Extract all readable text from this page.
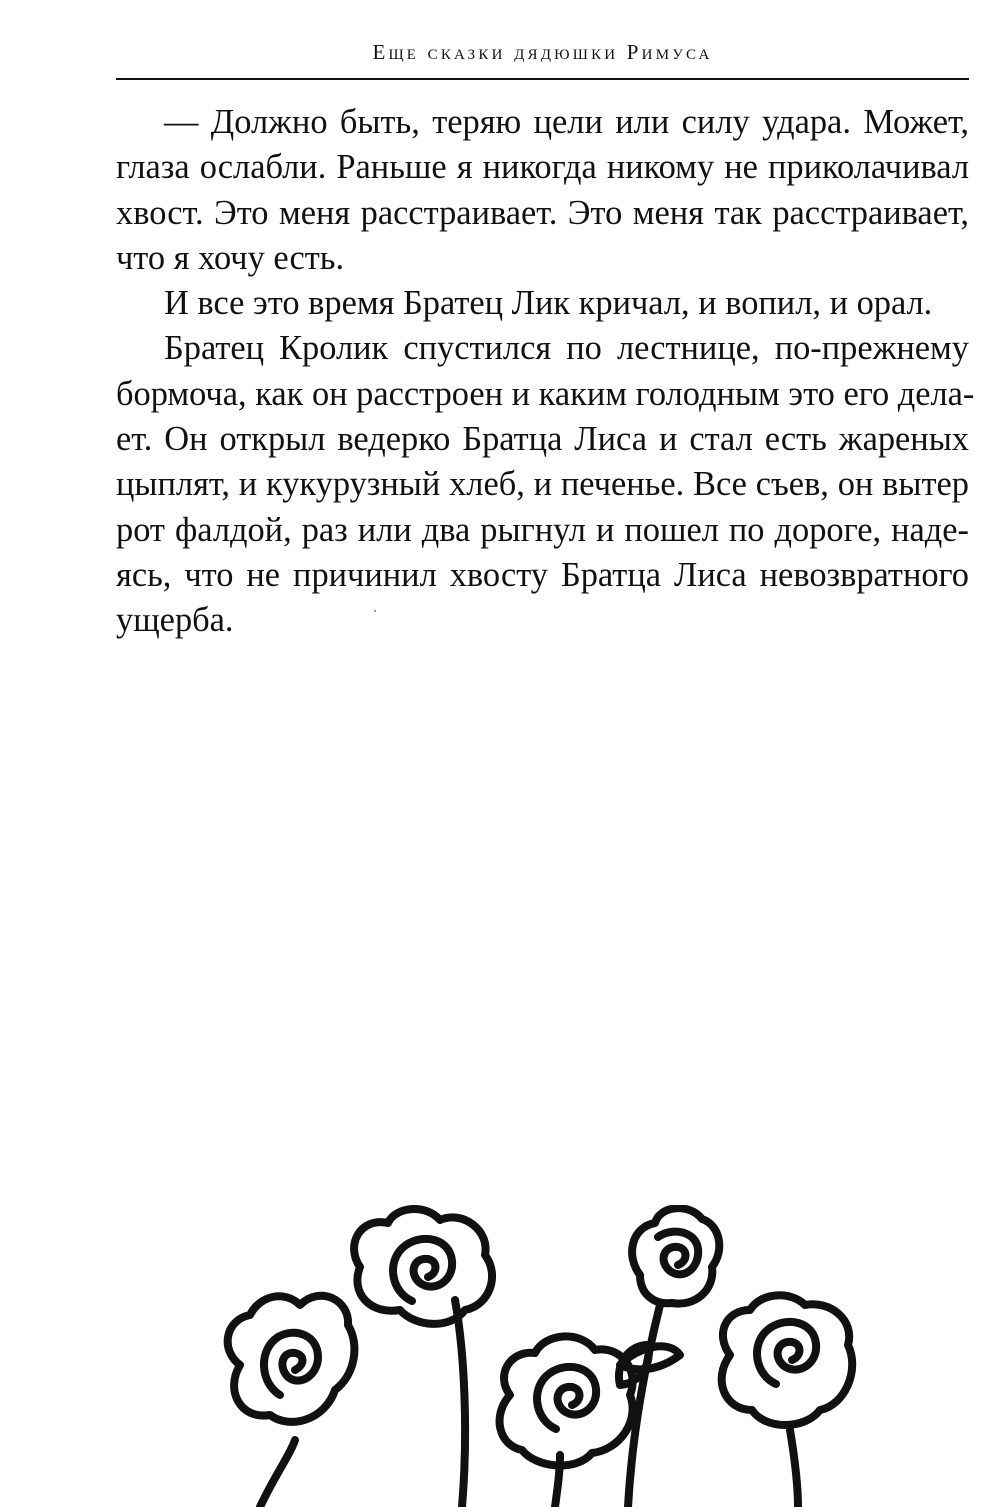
Еще сказки дядюшки Римуса

— Должно быть, теряю цели или силу удара. Может,
глаза ослабли. Раньше я никогда никому не приколачивал
хвост. Это меня расстраивает. Это меня так расстраивает,
что я хочу есть.

И все это время Братец Лик кричал, и вопил, и орал.

Братец Кролик спустился по лестнице, по-прежнему
бормоча, как он расстроен и каким голодным это его дела-
ет. Он открыл ведерко Братца Лиса и стал есть жареных
цыплят, и кукурузный хлеб, и печенье. Все съев, он вытер
рот фалдой, раз или два рыгнул и пошел по дороге, наде-
ясь, что не причинил хвосту Братца Лиса невозвратного
ущерба.
